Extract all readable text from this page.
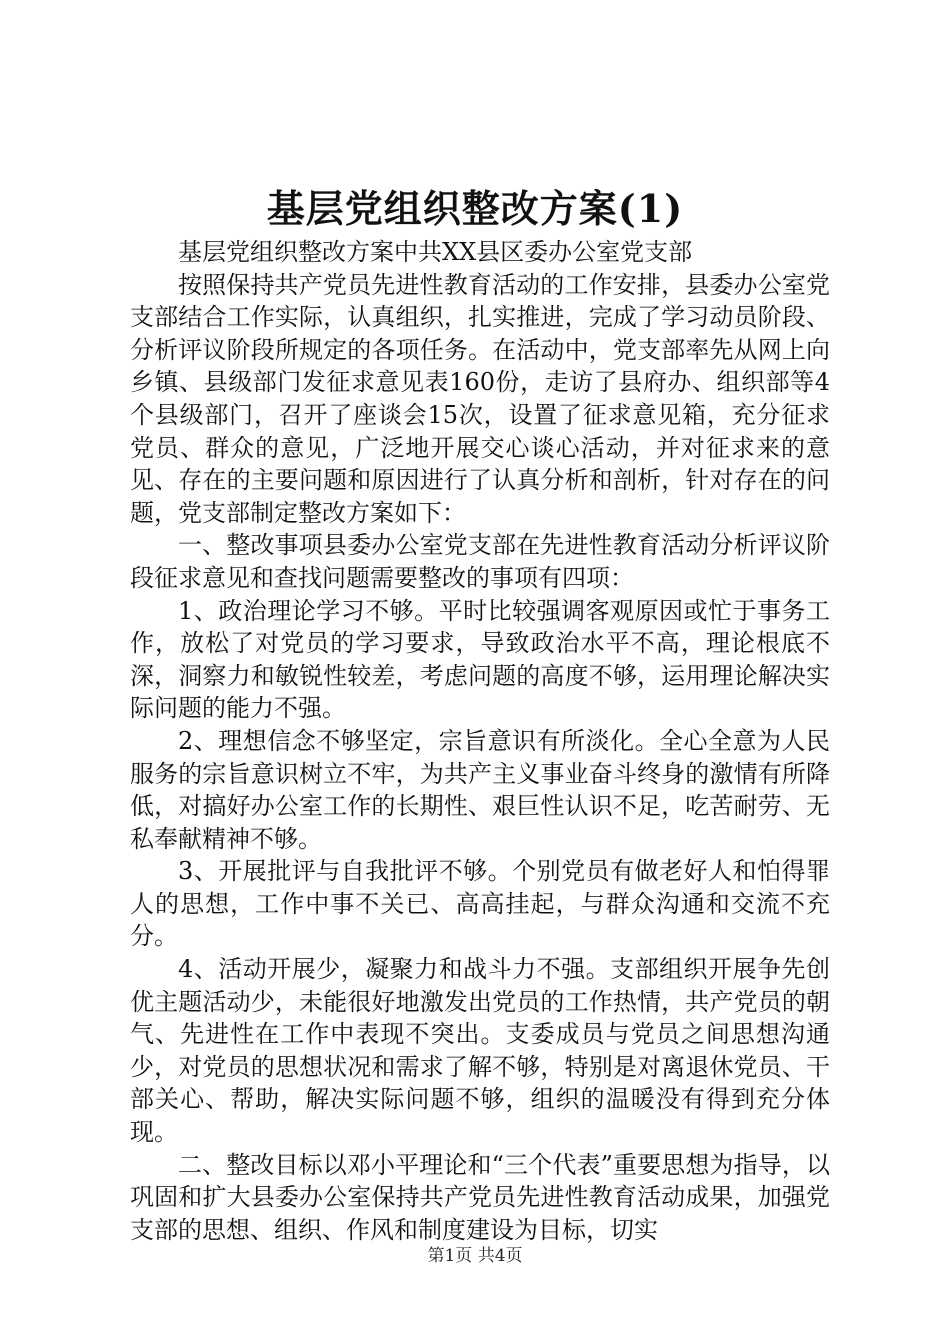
基层党组织整改方案(1)

基层党组织整改方案中共XX县区委办公室党支部

按照保持共产党员先进性教育活动的工作安排，县委办公室党支部结合工作实际，认真组织，扎实推进，完成了学习动员阶段、分析评议阶段所规定的各项任务。在活动中，党支部率先从网上向乡镇、县级部门发征求意见表160份，走访了县府办、组织部等4个县级部门，召开了座谈会15次，设置了征求意见箱，充分征求党员、群众的意见，广泛地开展交心谈心活动，并对征求来的意见、存在的主要问题和原因进行了认真分析和剖析，针对存在的问题，党支部制定整改方案如下：

一、整改事项县委办公室党支部在先进性教育活动分析评议阶段征求意见和查找问题需要整改的事项有四项：

1、政治理论学习不够。平时比较强调客观原因或忙于事务工作，放松了对党员的学习要求，导致政治水平不高，理论根底不深，洞察力和敏锐性较差，考虑问题的高度不够，运用理论解决实际问题的能力不强。

2、理想信念不够坚定，宗旨意识有所淡化。全心全意为人民服务的宗旨意识树立不牢，为共产主义事业奋斗终身的激情有所降低，对搞好办公室工作的长期性、艰巨性认识不足，吃苦耐劳、无私奉献精神不够。

3、开展批评与自我批评不够。个别党员有做老好人和怕得罪人的思想，工作中事不关已、高高挂起，与群众沟通和交流不充分。

4、活动开展少，凝聚力和战斗力不强。支部组织开展争先创优主题活动少，未能很好地激发出党员的工作热情，共产党员的朝气、先进性在工作中表现不突出。支委成员与党员之间思想沟通少，对党员的思想状况和需求了解不够，特别是对离退休党员、干部关心、帮助，解决实际问题不够，组织的温暖没有得到充分体现。

二、整改目标以邓小平理论和“三个代表”重要思想为指导，以巩固和扩大县委办公室保持共产党员先进性教育活动成果，加强党支部的思想、组织、作风和制度建设为目标，切实

第1页 共4页
